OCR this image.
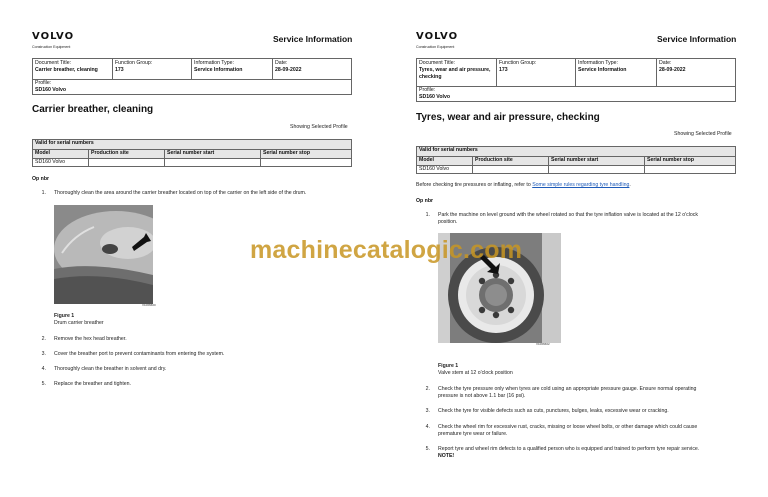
VOLVO
Construction Equipment
Service Information
Document Title:
Carrier breather, cleaning
Function Group:
173
Information Type:
Service Information
Date:
28-09-2022
Profile:
SD160 Volvo
Carrier breather, cleaning
Showing Selected Profile
Valid for serial numbers
Model	Production site	Serial number start	Serial number stop
SD160 Volvo
Op nbr
1. Thoroughly clean the area around the carrier breather located on top of the carrier on the left side of the drum.
V1066600
Figure 1
Drum carrier breather
2. Remove the hex head breather.
3. Cover the breather port to prevent contaminants from entering the system.
4. Thoroughly clean the breather in solvent and dry.
5. Replace the breather and tighten.
VOLVO
Construction Equipment
Service Information
Document Title:
Tyres, wear and air pressure,
checking
Function Group:
173
Information Type:
Service Information
Date:
28-09-2022
Profile:
SD160 Volvo
Tyres, wear and air pressure, checking
Showing Selected Profile
Valid for serial numbers
Model	Production site	Serial number start	Serial number stop
SD160 Volvo
Before checking tire pressures or inflating, refer to Some simple rules regarding tyre handling.
Op nbr
1. Park the machine on level ground with the wheel rotated so that the tyre inflation valve is located at the 12 o'clock
position.
V1066602
Figure 1
Valve stem at 12 o'clock position
2. Check the tyre pressure only when tyres are cold using an appropriate pressure gauge. Ensure normal operating
pressure is not above 1.1 bar (16 psi).
3. Check the tyre for visible defects such as cuts, punctures, bulges, leaks, excessive wear or cracking.
4. Check the wheel rim for excessive rust, cracks, missing or loose wheel bolts, or other damage which could cause
premature tyre wear or failure.
5. Report tyre and wheel rim defects to a qualified person who is equipped and trained to perform tyre repair service.
NOTE!
machinecatalogic.com
